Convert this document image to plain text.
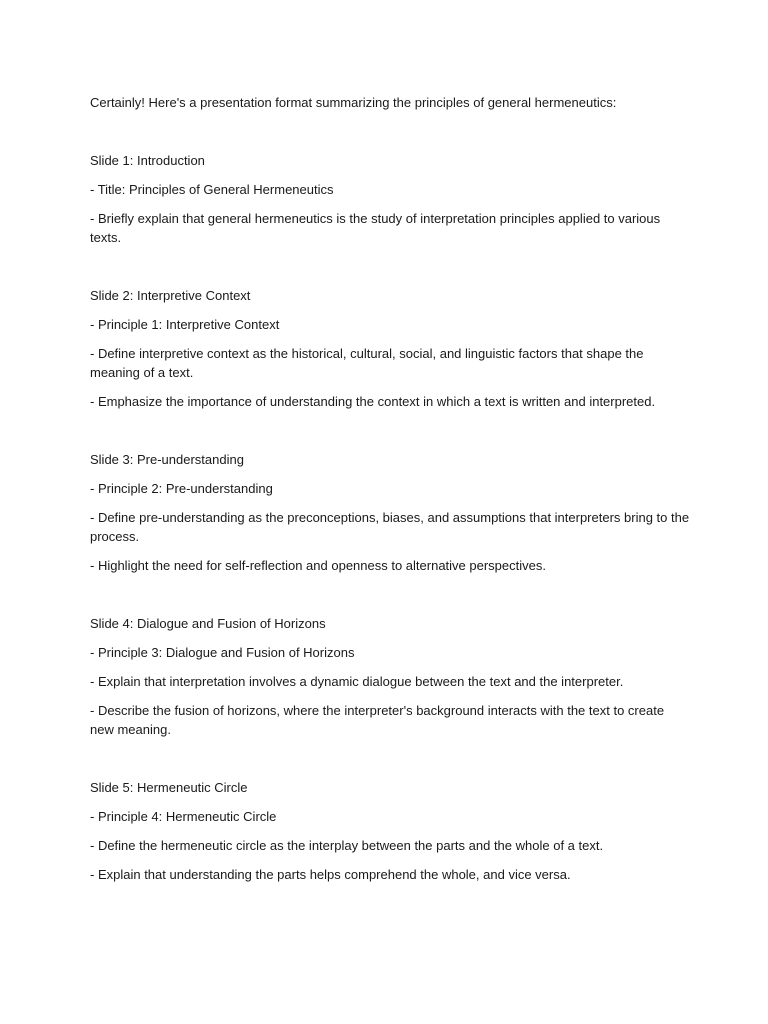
Certainly! Here's a presentation format summarizing the principles of general hermeneutics:

Slide 1: Introduction

- Title: Principles of General Hermeneutics

- Briefly explain that general hermeneutics is the study of interpretation principles applied to various texts.

Slide 2: Interpretive Context

- Principle 1: Interpretive Context

- Define interpretive context as the historical, cultural, social, and linguistic factors that shape the meaning of a text.

- Emphasize the importance of understanding the context in which a text is written and interpreted.

Slide 3: Pre-understanding

- Principle 2: Pre-understanding

- Define pre-understanding as the preconceptions, biases, and assumptions that interpreters bring to the process.

- Highlight the need for self-reflection and openness to alternative perspectives.

Slide 4: Dialogue and Fusion of Horizons

- Principle 3: Dialogue and Fusion of Horizons

- Explain that interpretation involves a dynamic dialogue between the text and the interpreter.

- Describe the fusion of horizons, where the interpreter's background interacts with the text to create new meaning.

Slide 5: Hermeneutic Circle

- Principle 4: Hermeneutic Circle

- Define the hermeneutic circle as the interplay between the parts and the whole of a text.

- Explain that understanding the parts helps comprehend the whole, and vice versa.
